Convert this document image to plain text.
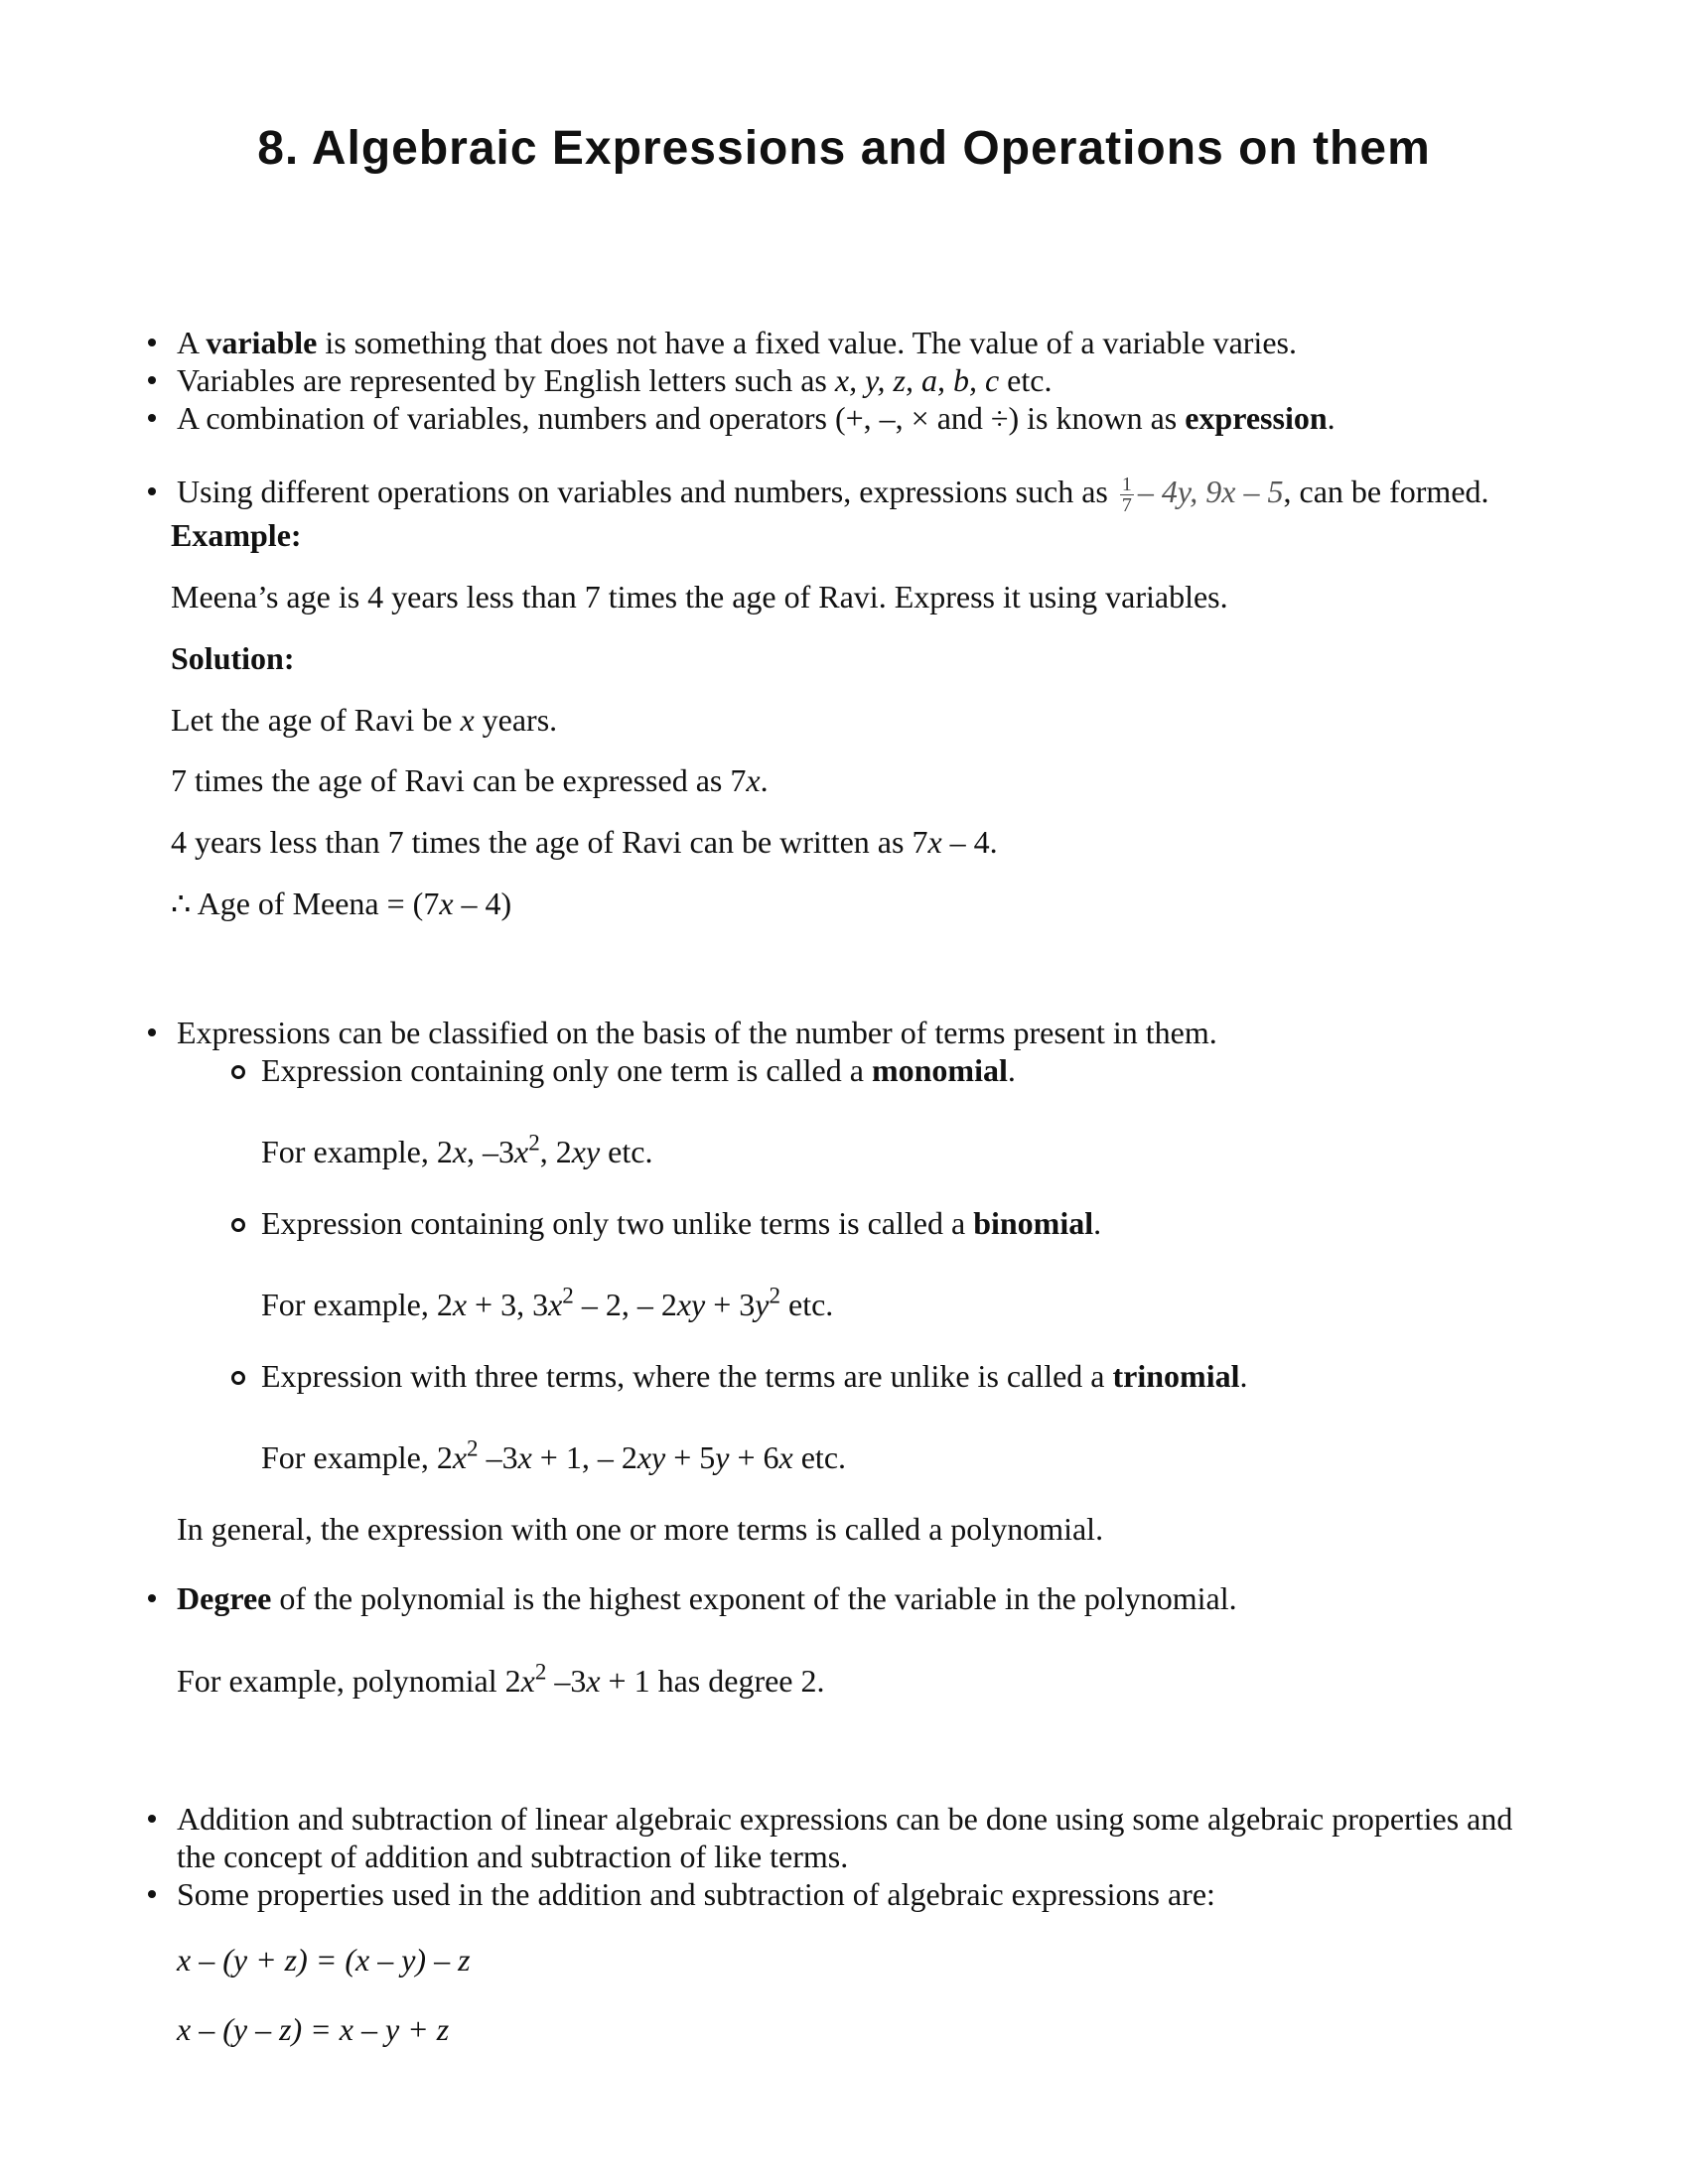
8. Algebraic Expressions and Operations on them
A variable is something that does not have a fixed value. The value of a variable varies.
Variables are represented by English letters such as x, y, z, a, b, c etc.
A combination of variables, numbers and operators (+, –, × and ÷) is known as expression.
Using different operations on variables and numbers, expressions such as $\frac{1}{7} - 4y$, 9x – 5, can be formed.
Example:
Meena’s age is 4 years less than 7 times the age of Ravi. Express it using variables.
Solution:
Let the age of Ravi be x years.
7 times the age of Ravi can be expressed as 7x.
4 years less than 7 times the age of Ravi can be written as 7x – 4.
∴ Age of Meena = (7x – 4)
Expressions can be classified on the basis of the number of terms present in them.
Expression containing only one term is called a monomial.
For example, 2x, $-3x^2$, 2xy etc.
Expression containing only two unlike terms is called a binomial.
For example, 2x + 3, $3x^2 - 2$, – $2xy + 3y^2$ etc.
Expression with three terms, where the terms are unlike is called a trinomial.
For example, $2x^2$ –3x + 1, – 2xy + 5y + 6x etc.
In general, the expression with one or more terms is called a polynomial.
Degree of the polynomial is the highest exponent of the variable in the polynomial.
For example, polynomial $2x^2$ –3x + 1 has degree 2.
Addition and subtraction of linear algebraic expressions can be done using some algebraic properties and
the concept of addition and subtraction of like terms.
Some properties used in the addition and subtraction of algebraic expressions are:
x – (y + z) = (x – y) – z
x – (y – z) = x – y + z
